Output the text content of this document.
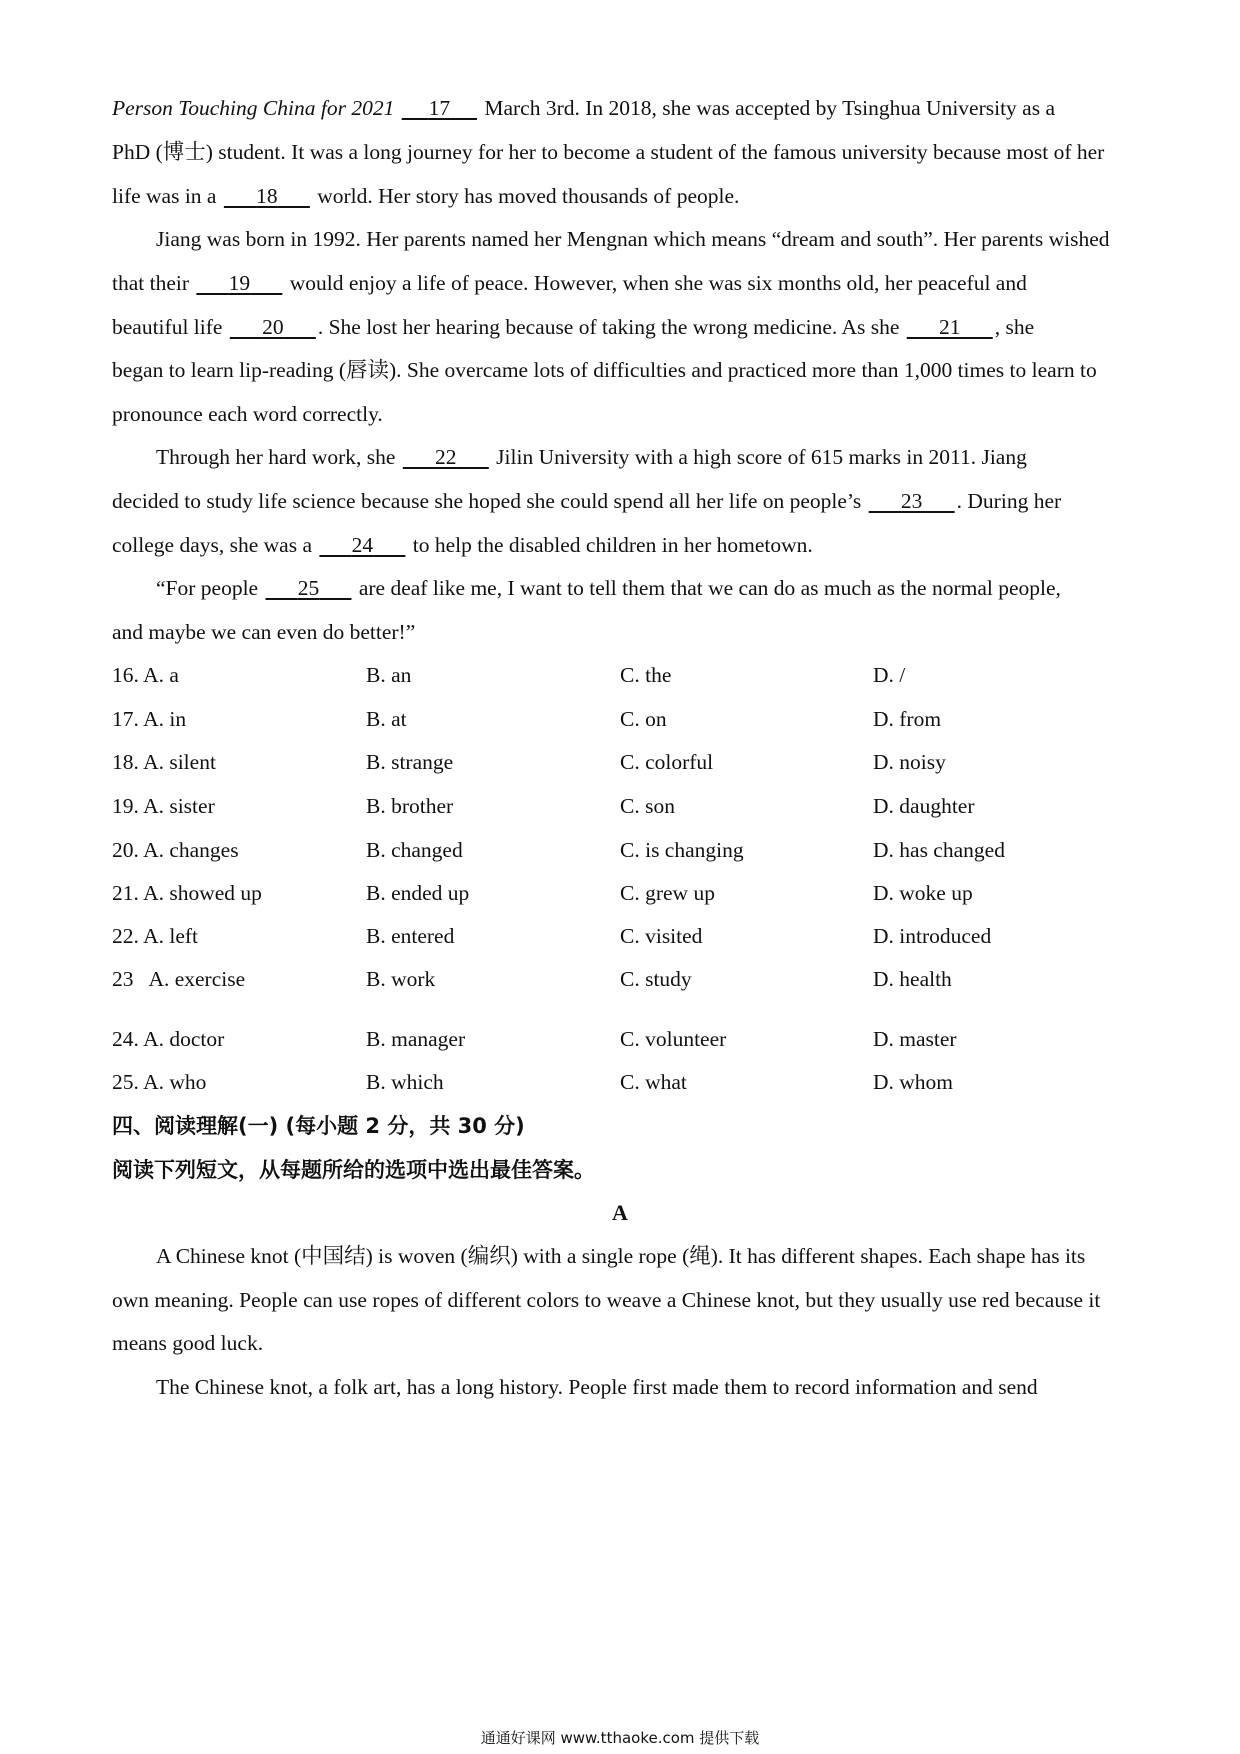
Person Touching China for 2021 17 March 3rd. In 2018, she was accepted by Tsinghua University as a
PhD (博士) student. It was a long journey for her to become a student of the famous university because most of her
life was in a 18 world. Her story has moved thousands of people.
Jiang was born in 1992. Her parents named her Mengnan which means “dream and south”. Her parents wished
that their 19 would enjoy a life of peace. However, when she was six months old, her peaceful and
beautiful life 20 . She lost her hearing because of taking the wrong medicine. As she 21 , she
began to learn lip-reading (唇读). She overcame lots of difficulties and practiced more than 1,000 times to learn to
pronounce each word correctly.
Through her hard work, she 22 Jilin University with a high score of 615 marks in 2011. Jiang
decided to study life science because she hoped she could spend all her life on people’s 23 . During her
college days, she was a 24 to help the disabled children in her hometown.
“For people 25 are deaf like me, I want to tell them that we can do as much as the normal people,
and maybe we can even do better!”
16. A. a	B. an	C. the	D. /
17. A. in	B. at	C. on	D. from
18. A. silent	B. strange	C. colorful	D. noisy
19. A. sister	B. brother	C. son	D. daughter
20. A. changes	B. changed	C. is changing	D. has changed
21. A. showed up	B. ended up	C. grew up	D. woke up
22. A. left	B. entered	C. visited	D. introduced
23   A. exercise	B. work	C. study	D. health
24. A. doctor	B. manager	C. volunteer	D. master
25. A. who	B. which	C. what	D. whom
四、阅读理解(一) (每小题 2 分，共 30 分)
阅读下列短文，从每题所给的选项中选出最佳答案。
A
A Chinese knot (中国结) is woven (编织) with a single rope (绳). It has different shapes. Each shape has its
own meaning. People can use ropes of different colors to weave a Chinese knot, but they usually use red because it
means good luck.
The Chinese knot, a folk art, has a long history. People first made them to record information and send
通通好课网 www.tthaoke.com 提供下载
